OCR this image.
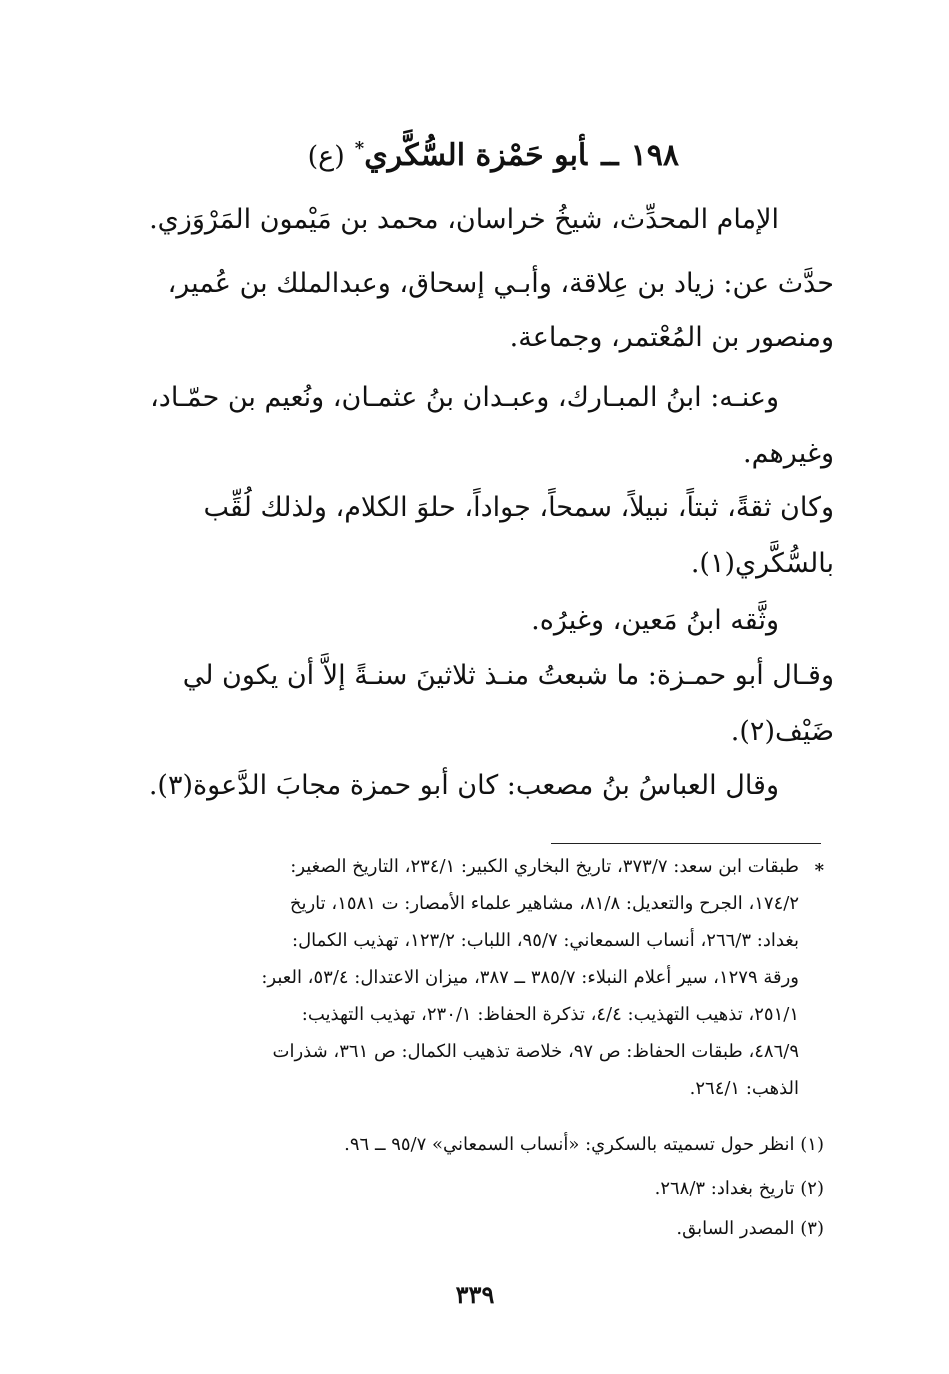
١٩٨ــأبو حَمْزة السُّكَّري*(ع)
الإمام المحدِّث، شيخُ خراسان، محمد بن مَيْمون المَرْوَزي.
حدَّث عن: زياد بن عِلاقة، وأبـي إسحاق، وعبدالملك بن عُمير،
ومنصور بن المُعْتمر، وجماعة.
وعنـه: ابنُ المبـارك، وعبـدان بنُ عثمـان، ونُعيم بن حمّـاد،
وغيرهم.
وكان ثقةً، ثبتاً، نبيلاً، سمحاً، جواداً، حلوَ الكلام، ولذلك لُقِّب
بالسُّكَّري(١).
وثَّقه ابنُ مَعين، وغيرُه.
وقـال أبو حمـزة: ما شبعتُ منـذ ثلاثينَ سنـةً إلاَّ أن يكون لي
ضَيْف(٢).
وقال العباسُ بنُ مصعب: كان أبو حمزة مجابَ الدَّعوة(٣).
*
طبقات ابن سعد: ٣٧٣/٧، تاريخ البخاري الكبير: ٢٣٤/١، التاريخ الصغير:
١٧٤/٢، الجرح والتعديل: ٨١/٨، مشاهير علماء الأمصار: ت ١٥٨١، تاريخ
بغداد: ٢٦٦/٣، أنساب السمعاني: ٩٥/٧، اللباب: ١٢٣/٢، تهذيب الكمال:
ورقة ١٢٧٩، سير أعلام النبلاء: ٣٨٥/٧ ــ ٣٨٧، ميزان الاعتدال: ٥٣/٤، العبر:
٢٥١/١، تذهيب التهذيب: ٤/٤، تذكرة الحفاظ: ٢٣٠/١، تهذيب التهذيب:
٤٨٦/٩، طبقات الحفاظ: ص ٩٧، خلاصة تذهيب الكمال: ص ٣٦١، شذرات
الذهب: ٢٦٤/١.
(١) انظر حول تسميته بالسكري: «أنساب السمعاني» ٩٥/٧ ــ ٩٦.
(٢) تاريخ بغداد: ٢٦٨/٣.
(٣) المصدر السابق.
٣٣٩
